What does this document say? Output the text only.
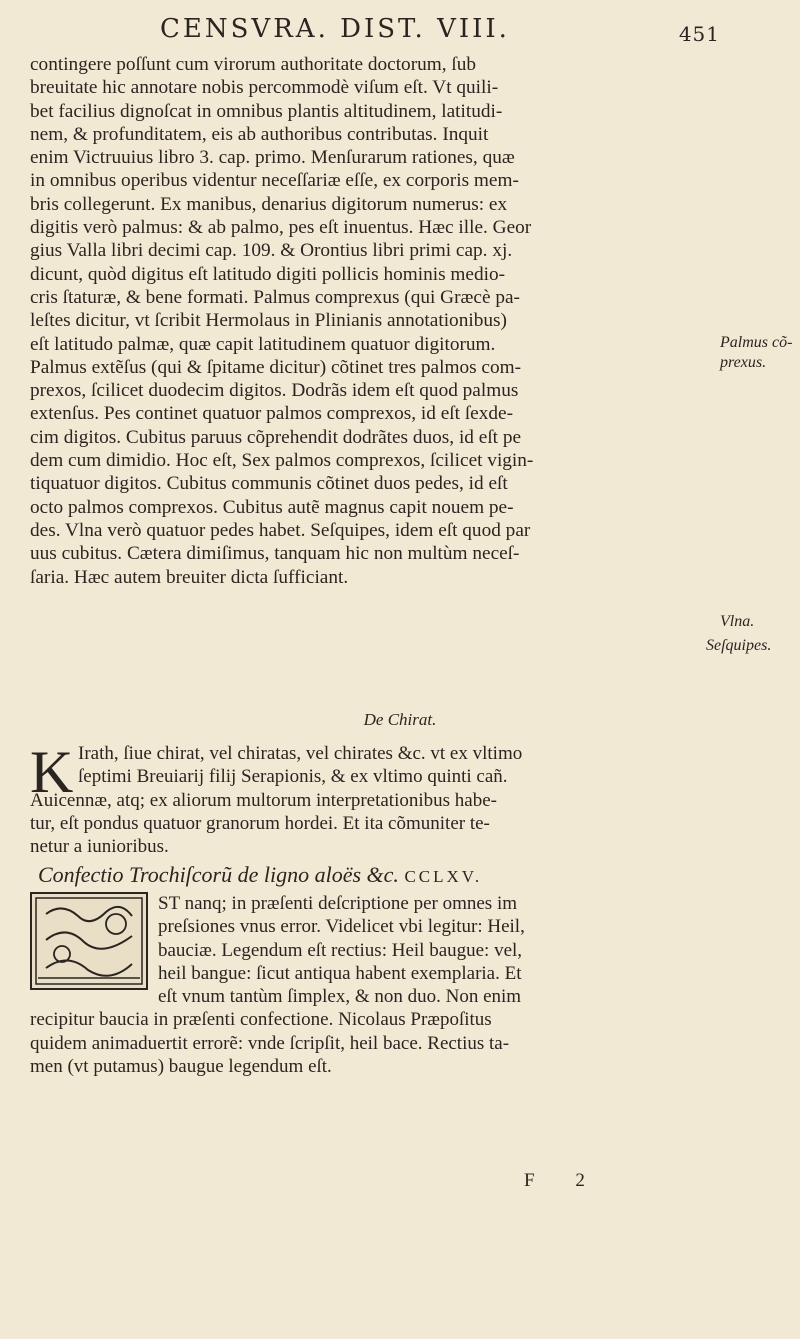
CENSVRA. DIST. VIII.	451
contingere poſſunt cum virorum authoritate doctorum, ſub
breuitate hic annotare nobis percommodè viſum eſt. Vt quili-
bet facilius dignoſcat in omnibus plantis altitudinem, latitudi-
nem, & profunditatem, eis ab authoribus contributas. Inquit
enim Victruuius libro 3. cap. primo. Menſurarum rationes, quæ
in omnibus operibus videntur neceſſariæ eſſe, ex corporis mem-
bris collegerunt. Ex manibus, denarius digitorum numerus: ex
digitis verò palmus: & ab palmo, pes eſt inuentus. Hæc ille. Geor
gius Valla libri decimi cap. 109. & Orontius libri primi cap. xj.
dicunt, quòd digitus eſt latitudo digiti pollicis hominis medio-
cris ſtaturæ, & bene formati. Palmus comprexus (qui Græcè pa-
leſtes dicitur, vt ſcribit Hermolaus in Plinianis annotationibus)
eſt latitudo palmæ, quæ capit latitudinem quatuor digitorum.
Palmus extẽſus (qui & ſpitame dicitur) cõtinet tres palmos com-
prexos, ſcilicet duodecim digitos. Dodrãs idem eſt quod palmus
extenſus. Pes continet quatuor palmos comprexos, id eſt ſexde-
cim digitos. Cubitus paruus cõprehendit dodrãtes duos, id eſt pe
dem cum dimidio. Hoc eſt, Sex palmos comprexos, ſcilicet vigin-
tiquatuor digitos. Cubitus communis cõtinet duos pedes, id eſt
octo palmos comprexos. Cubitus autẽ magnus capit nouem pe-
des. Vlna verò quatuor pedes habet. Seſquipes, idem eſt quod par
uus cubitus. Cætera dimiſimus, tanquam hic non multùm neceſ-
ſaria. Hæc autem breuiter dicta ſufficiant.
Palmus cõ-
prexus.
Vlna.
Seſquipes.
De Chirat.
K Irath, ſiue chirat, vel chiratas, vel chirates &c. vt ex vltimo
ſeptimi Breuiarij filij Serapionis, & ex vltimo quinti cañ.
Auicennæ, atq; ex aliorum multorum interpretationibus habe-
tur, eſt pondus quatuor granorum hordei. Et ita cõmuniter te-
netur a iunioribus.
Confectio Trochiſcorũ de ligno aloës &c. CCLXV.
ST nanq; in præſenti deſcriptione per omnes im
preſsiones vnus error. Videlicet vbi legitur: Heil,
bauciæ. Legendum eſt rectius: Heil baugue: vel,
heil bangue: ſicut antiqua habent exemplaria. Et
eſt vnum tantùm ſimplex, & non duo. Non enim
recipitur baucia in præſenti confectione. Nicolaus Præpoſitus
quidem animaduertit errorẽ: vnde ſcripſit, heil bace. Rectius ta-
men (vt putamus) baugue legendum eſt.
F 2
